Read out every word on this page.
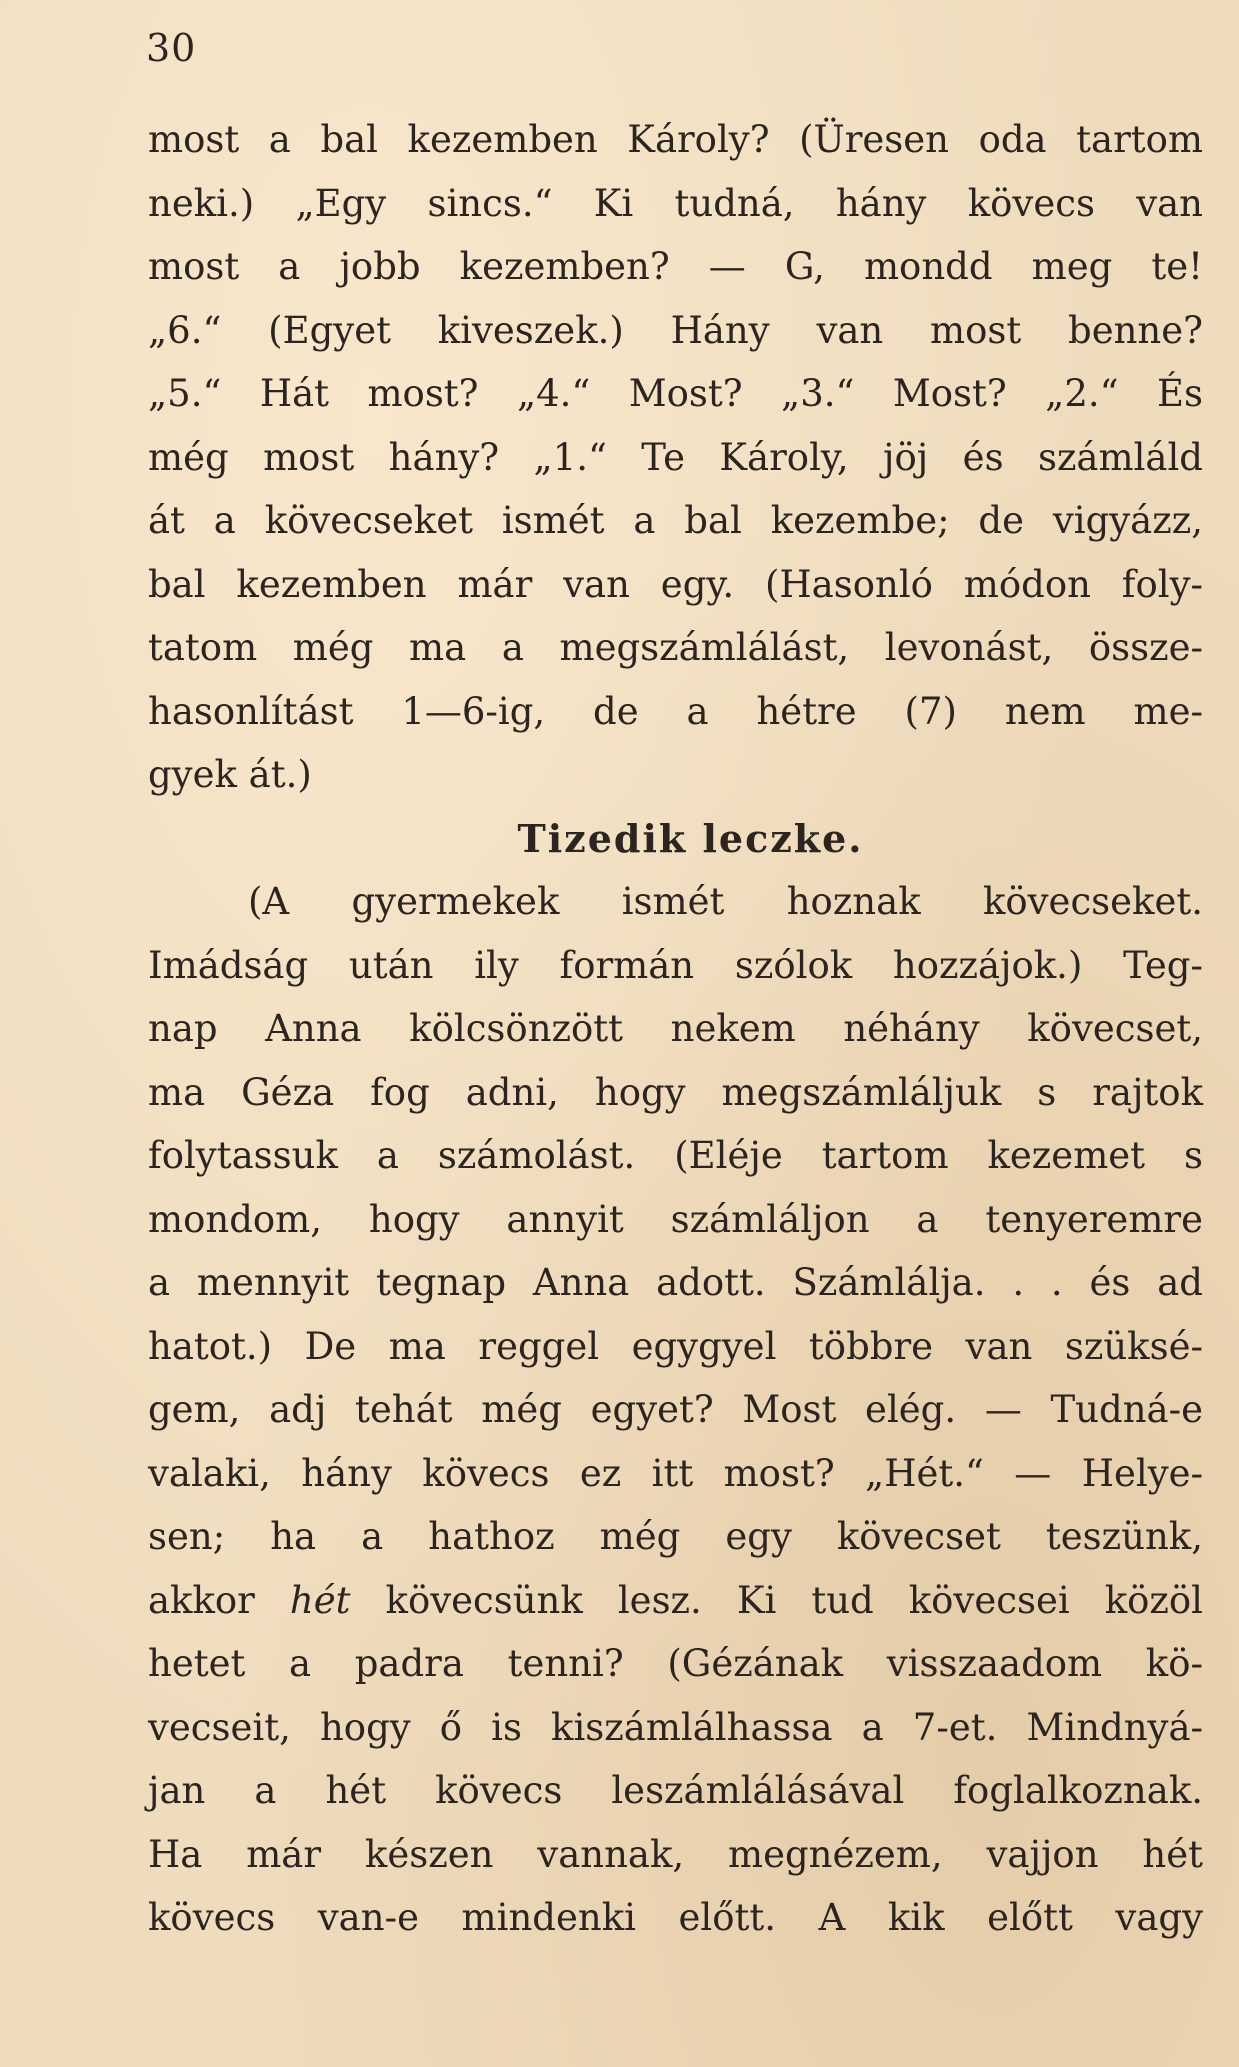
30
most a bal kezemben Károly? (Üresen oda tartom
neki.) „Egy sincs.“ Ki tudná, hány kövecs van
most a jobb kezemben? — G, mondd meg te!
„6.“ (Egyet kiveszek.) Hány van most benne?
„5.“ Hát most? „4.“ Most? „3.“ Most? „2.“ És
még most hány? „1.“ Te Károly, jöj és számláld
át a kövecseket ismét a bal kezembe; de vigyázz,
bal kezemben már van egy. (Hasonló módon foly-
tatom még ma a megszámlálást, levonást, össze-
hasonlítást 1—6-ig, de a hétre (7) nem me-
gyek át.)
Tizedik leczke.
(A gyermekek ismét hoznak kövecseket.
Imádság után ily formán szólok hozzájok.) Teg-
nap Anna kölcsönzött nekem néhány kövecset,
ma Géza fog adni, hogy megszámláljuk s rajtok
folytassuk a számolást. (Eléje tartom kezemet s
mondom, hogy annyit számláljon a tenyeremre
a mennyit tegnap Anna adott. Számlálja. . . és ad
hatot.) De ma reggel egygyel többre van szüksé-
gem, adj tehát még egyet? Most elég. — Tudná-e
valaki, hány kövecs ez itt most? „Hét.“ — Helye-
sen; ha a hathoz még egy kövecset teszünk,
akkor hét kövecsünk lesz. Ki tud kövecsei közöl
hetet a padra tenni? (Gézának visszaadom kö-
vecseit, hogy ő is kiszámlálhassa a 7-et. Mindnyá-
jan a hét kövecs leszámlálásával foglalkoznak.
Ha már készen vannak, megnézem, vajjon hét
kövecs van-e mindenki előtt. A kik előtt vagy
